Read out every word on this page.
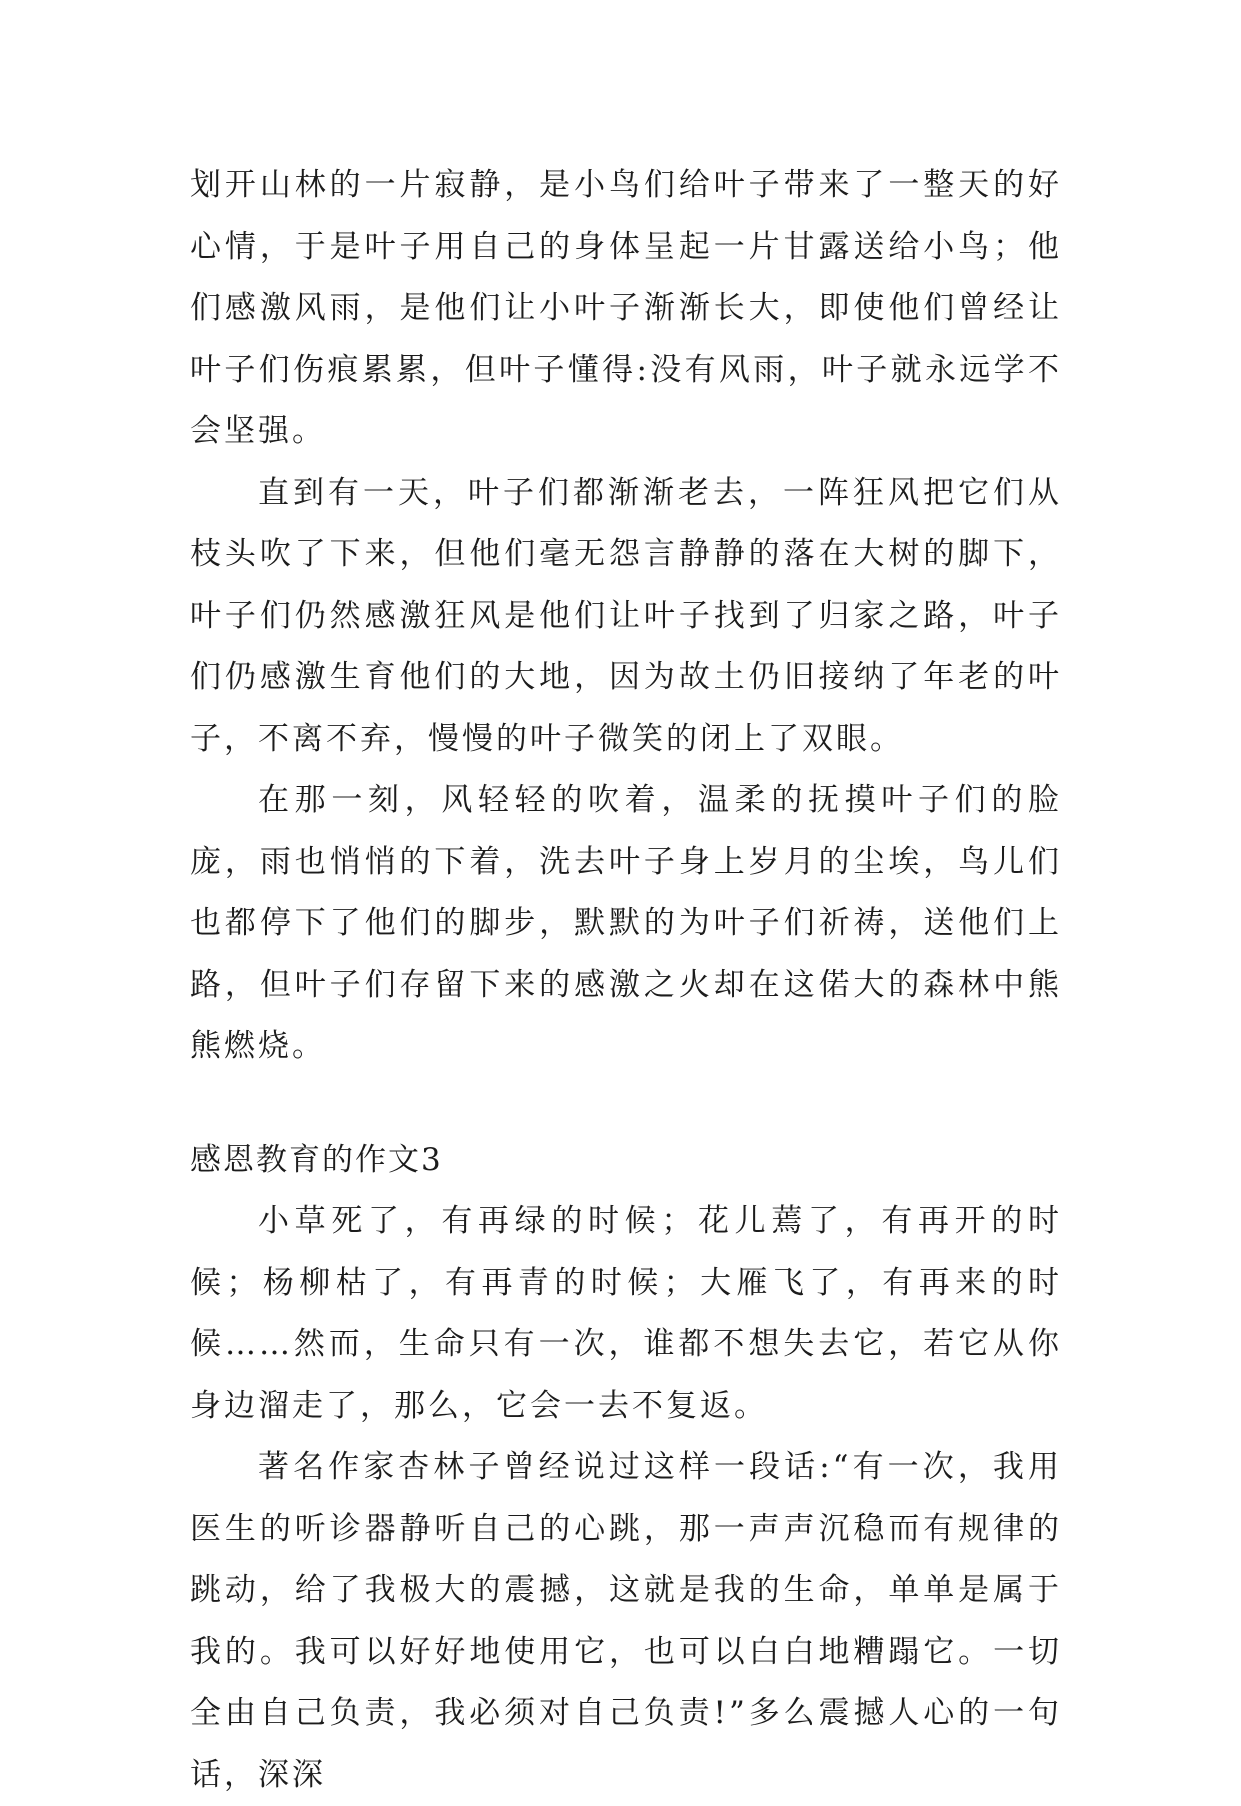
划开山林的一片寂静，是小鸟们给叶子带来了一整天的好心情，于是叶子用自己的身体呈起一片甘露送给小鸟；他们感激风雨，是他们让小叶子渐渐长大，即使他们曾经让叶子们伤痕累累，但叶子懂得:没有风雨，叶子就永远学不会坚强。

直到有一天，叶子们都渐渐老去，一阵狂风把它们从枝头吹了下来，但他们毫无怨言静静的落在大树的脚下，叶子们仍然感激狂风是他们让叶子找到了归家之路，叶子们仍感激生育他们的大地，因为故土仍旧接纳了年老的叶子，不离不弃，慢慢的叶子微笑的闭上了双眼。

在那一刻，风轻轻的吹着，温柔的抚摸叶子们的脸庞，雨也悄悄的下着，洗去叶子身上岁月的尘埃，鸟儿们也都停下了他们的脚步，默默的为叶子们祈祷，送他们上路，但叶子们存留下来的感激之火却在这偌大的森林中熊熊燃烧。

感恩教育的作文3

小草死了，有再绿的时候；花儿蔫了，有再开的时候；杨柳枯了，有再青的时候；大雁飞了，有再来的时候……然而，生命只有一次，谁都不想失去它，若它从你身边溜走了，那么，它会一去不复返。

著名作家杏林子曾经说过这样一段话:“有一次，我用医生的听诊器静听自己的心跳，那一声声沉稳而有规律的跳动，给了我极大的震撼，这就是我的生命，单单是属于我的。我可以好好地使用它，也可以白白地糟蹋它。一切全由自己负责，我必须对自己负责!”多么震撼人心的一句话，深深
